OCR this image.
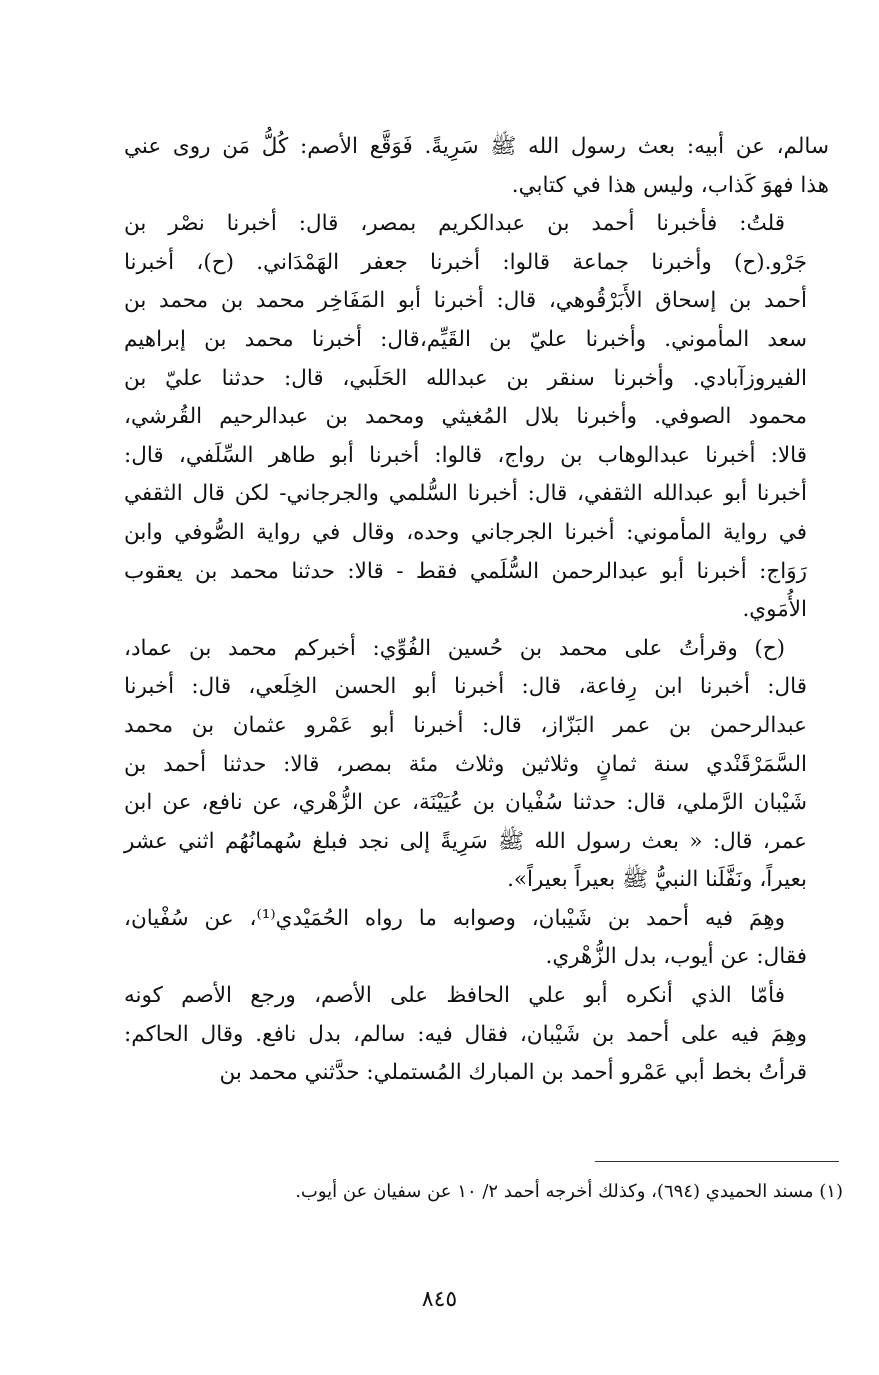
سالم، عن أبيه: بعث رسول الله ﷺ سَرِيةً. فَوَقَّع الأصم: كُلُّ مَن روى عني
هذا فهوَ كَذاب، وليس هذا في كتابي.
قلتُ: فأخبرنا أحمد بن عبدالكريم بمصر، قال: أخبرنا نصْر بن
جَرْو.(ح) وأخبرنا جماعة قالوا: أخبرنا جعفر الهَمْدَاني. (ح)، أخبرنا
أحمد بن إسحاق الأَبَرْقُوهي، قال: أخبرنا أبو المَفَاخِر محمد بن محمد بن
سعد المأموني. وأخبرنا عليّ بن القَيِّم،قال: أخبرنا محمد بن إبراهيم
الفيروزآبادي. وأخبرنا سنقر بن عبدالله الحَلَبي، قال: حدثنا عليّ بن
محمود الصوفي. وأخبرنا بلال المُغيثي ومحمد بن عبدالرحيم القُرشي،
قالا: أخبرنا عبدالوهاب بن رواج، قالوا: أخبرنا أبو طاهر السِّلَفي، قال:
أخبرنا أبو عبدالله الثقفي، قال: أخبرنا السُّلمي والجرجاني- لكن قال الثقفي
في رواية المأموني: أخبرنا الجرجاني وحده، وقال في رواية الصُّوفي وابن
رَوَاج: أخبرنا أبو عبدالرحمن السُّلَمي فقط - قالا: حدثنا محمد بن يعقوب
الأُمَوي.
(ح) وقرأتُ على محمد بن حُسين الفُوِّي: أخبركم محمد بن عماد،
قال: أخبرنا ابن رِفاعة، قال: أخبرنا أبو الحسن الخِلَعي، قال: أخبرنا
عبدالرحمن بن عمر البَزّاز، قال: أخبرنا أبو عَمْرو عثمان بن محمد
السَّمَرْقَنْدي سنة ثمانٍ وثلاثين وثلاث مئة بمصر، قالا: حدثنا أحمد بن
شَيْبان الرَّملي، قال: حدثنا سُفْيان بن عُيَيْنَة، عن الزُّهْري، عن نافع، عن ابن
عمر، قال: « بعث رسول الله ﷺ سَرِيةً إلى نجد فبلغ سُهمانُهُم اثني عشر
بعيراً، ونَفَّلَنا النبيُّ ﷺ بعيراً بعيراً».
وهِمَ فيه أحمد بن شَيْبان، وصوابه ما رواه الحُمَيْدي⁽¹⁾، عن سُفْيان،
فقال: عن أيوب، بدل الزُّهْري.
فأمّا الذي أنكره أبو علي الحافظ على الأصم، ورجع الأصم كونه
وهِمَ فيه على أحمد بن شَيْبان، فقال فيه: سالم، بدل نافع. وقال الحاكم:
قرأتُ بخط أبي عَمْرو أحمد بن المبارك المُستملي: حدَّثني محمد بن
(١) مسند الحميدي (٦٩٤)، وكذلك أخرجه أحمد ٢/ ١٠ عن سفيان عن أيوب.
٨٤٥
